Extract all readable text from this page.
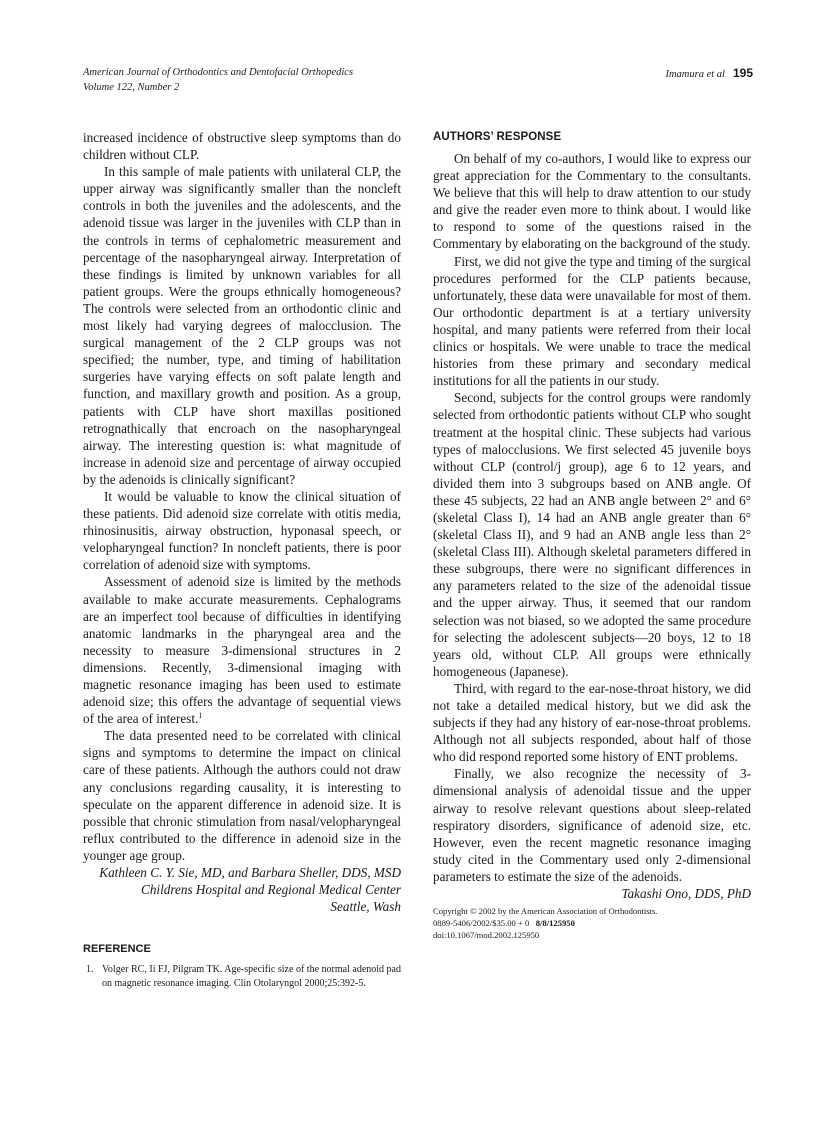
American Journal of Orthodontics and Dentofacial Orthopedics
Volume 122, Number 2
Imamura et al 195

increased incidence of obstructive sleep symptoms than do children without CLP.

In this sample of male patients with unilateral CLP, the upper airway was significantly smaller than the noncleft controls in both the juveniles and the adolescents, and the adenoid tissue was larger in the juveniles with CLP than in the controls in terms of cephalometric measurement and percentage of the nasopharyngeal airway. Interpretation of these findings is limited by unknown variables for all patient groups. Were the groups ethnically homogeneous? The controls were selected from an orthodontic clinic and most likely had varying degrees of malocclusion. The surgical management of the 2 CLP groups was not specified; the number, type, and timing of habilitation surgeries have varying effects on soft palate length and function, and maxillary growth and position. As a group, patients with CLP have short maxillas positioned retrognathically that encroach on the nasopharyngeal airway. The interesting question is: what magnitude of increase in adenoid size and percentage of airway occupied by the adenoids is clinically significant?

It would be valuable to know the clinical situation of these patients. Did adenoid size correlate with otitis media, rhinosinusitis, airway obstruction, hyponasal speech, or velopharyngeal function? In noncleft patients, there is poor correlation of adenoid size with symptoms.

Assessment of adenoid size is limited by the methods available to make accurate measurements. Cephalograms are an imperfect tool because of difficulties in identifying anatomic landmarks in the pharyngeal area and the necessity to measure 3-dimensional structures in 2 dimensions. Recently, 3-dimensional imaging with magnetic resonance imaging has been used to estimate adenoid size; this offers the advantage of sequential views of the area of interest.$^1$

The data presented need to be correlated with clinical signs and symptoms to determine the impact on clinical care of these patients. Although the authors could not draw any conclusions regarding causality, it is interesting to speculate on the apparent difference in adenoid size. It is possible that chronic stimulation from nasal/velopharyngeal reflux contributed to the difference in adenoid size in the younger age group.

Kathleen C. Y. Sie, MD, and Barbara Sheller, DDS, MSD

Childrens Hospital and Regional Medical Center

Seattle, Wash

REFERENCE
1. Volger RC, Ii FJ, Pilgram TK. Age-specific size of the normal adenoid pad on magnetic resonance imaging. Clin Otolaryngol 2000;25:392-5.
AUTHORS’ RESPONSE

On behalf of my co-authors, I would like to express our great appreciation for the Commentary to the consultants. We believe that this will help to draw attention to our study and give the reader even more to think about. I would like to respond to some of the questions raised in the Commentary by elaborating on the background of the study.

First, we did not give the type and timing of the surgical procedures performed for the CLP patients because, unfortunately, these data were unavailable for most of them. Our orthodontic department is at a tertiary university hospital, and many patients were referred from their local clinics or hospitals. We were unable to trace the medical histories from these primary and secondary medical institutions for all the patients in our study.

Second, subjects for the control groups were randomly selected from orthodontic patients without CLP who sought treatment at the hospital clinic. These subjects had various types of malocclusions. We first selected 45 juvenile boys without CLP (control/j group), age 6 to 12 years, and divided them into 3 subgroups based on ANB angle. Of these 45 subjects, 22 had an ANB angle between 2° and 6° (skeletal Class I), 14 had an ANB angle greater than 6° (skeletal Class II), and 9 had an ANB angle less than 2° (skeletal Class III). Although skeletal parameters differed in these subgroups, there were no significant differences in any parameters related to the size of the adenoidal tissue and the upper airway. Thus, it seemed that our random selection was not biased, so we adopted the same procedure for selecting the adolescent subjects—20 boys, 12 to 18 years old, without CLP. All groups were ethnically homogeneous (Japanese).

Third, with regard to the ear-nose-throat history, we did not take a detailed medical history, but we did ask the subjects if they had any history of ear-nose-throat problems. Although not all subjects responded, about half of those who did respond reported some history of ENT problems.

Finally, we also recognize the necessity of 3-dimensional analysis of adenoidal tissue and the upper airway to resolve relevant questions about sleep-related respiratory disorders, significance of adenoid size, etc. However, even the recent magnetic resonance imaging study cited in the Commentary used only 2-dimensional parameters to estimate the size of the adenoids.

Takashi Ono, DDS, PhD

Copyright © 2002 by the American Association of Orthodontists.
0889-5406/2002/$35.00 + 0 8/8/125950
doi:10.1067/mod.2002.125950
